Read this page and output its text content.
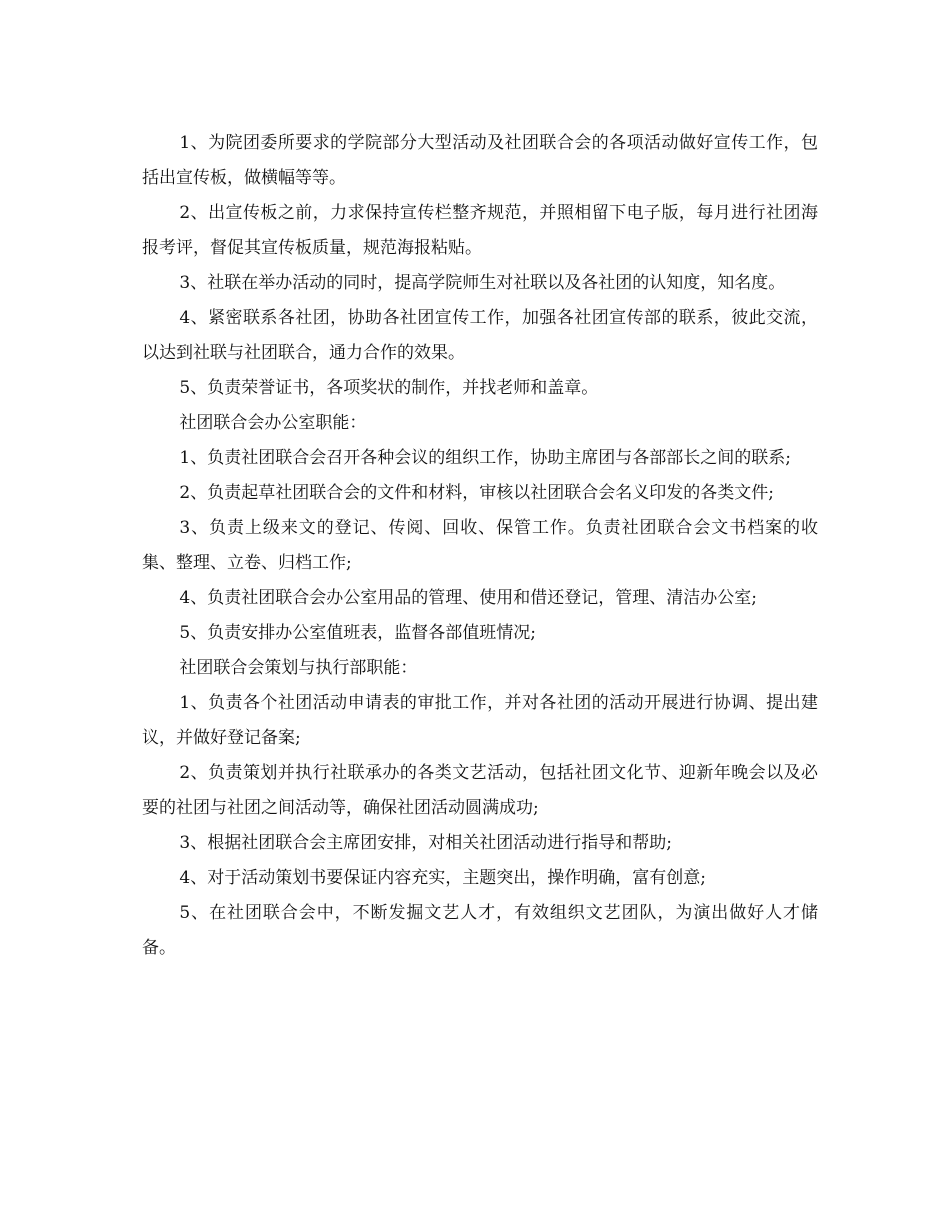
1、为院团委所要求的学院部分大型活动及社团联合会的各项活动做好宣传工作，包括出宣传板，做横幅等等。

2、出宣传板之前，力求保持宣传栏整齐规范，并照相留下电子版，每月进行社团海报考评，督促其宣传板质量，规范海报粘贴。

3、社联在举办活动的同时，提高学院师生对社联以及各社团的认知度，知名度。

4、紧密联系各社团，协助各社团宣传工作，加强各社团宣传部的联系，彼此交流，以达到社联与社团联合，通力合作的效果。

5、负责荣誉证书，各项奖状的制作，并找老师和盖章。

社团联合会办公室职能：

1、负责社团联合会召开各种会议的组织工作，协助主席团与各部部长之间的联系;

2、负责起草社团联合会的文件和材料，审核以社团联合会名义印发的各类文件;

3、负责上级来文的登记、传阅、回收、保管工作。负责社团联合会文书档案的收集、整理、立卷、归档工作;

4、负责社团联合会办公室用品的管理、使用和借还登记，管理、清洁办公室;

5、负责安排办公室值班表，监督各部值班情况;

社团联合会策划与执行部职能：

1、负责各个社团活动申请表的审批工作，并对各社团的活动开展进行协调、提出建议，并做好登记备案;

2、负责策划并执行社联承办的各类文艺活动，包括社团文化节、迎新年晚会以及必要的社团与社团之间活动等，确保社团活动圆满成功;

3、根据社团联合会主席团安排，对相关社团活动进行指导和帮助;

4、对于活动策划书要保证内容充实，主题突出，操作明确，富有创意;

5、在社团联合会中，不断发掘文艺人才，有效组织文艺团队，为演出做好人才储备。
